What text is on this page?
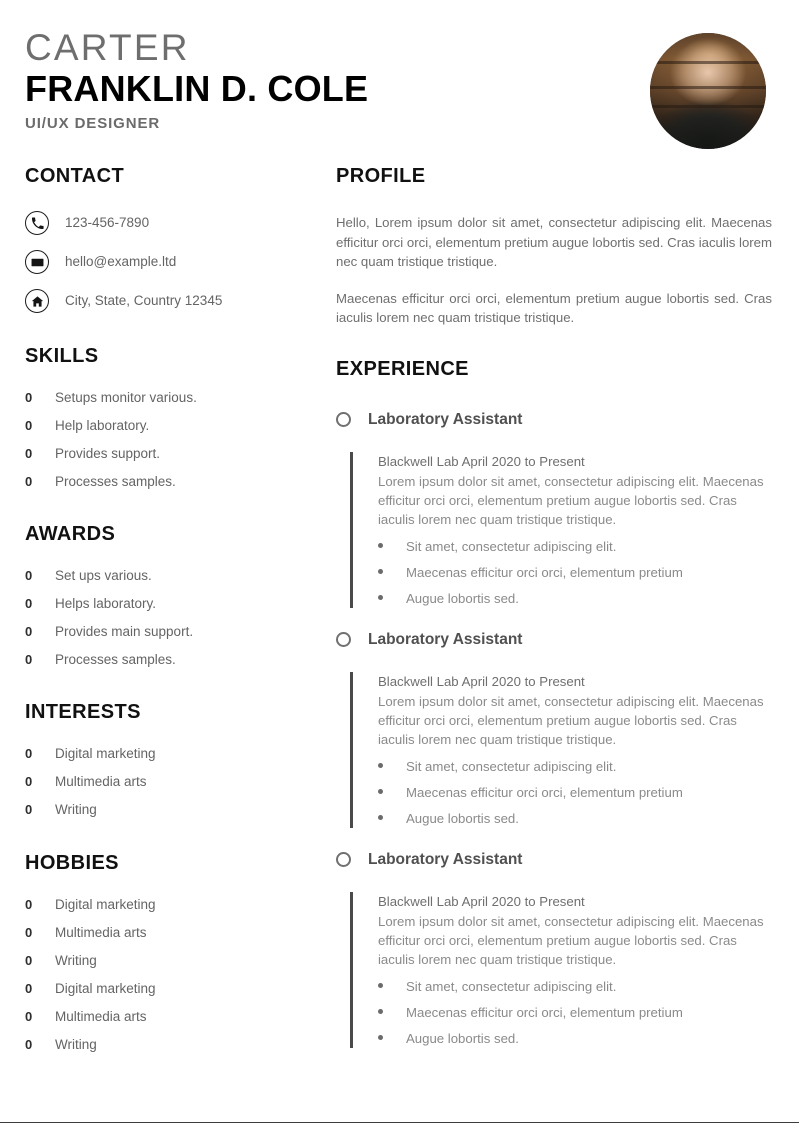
CARTER
FRANKLIN D. COLE
UI/UX DESIGNER
CONTACT
123-456-7890
hello@example.ltd
City, State, Country 12345
SKILLS
0 Setups monitor various.
0 Help laboratory.
0 Provides support.
0 Processes samples.
AWARDS
0 Set ups various.
0 Helps laboratory.
0 Provides main support.
0 Processes samples.
INTERESTS
0 Digital marketing
0 Multimedia arts
0 Writing
HOBBIES
0 Digital marketing
0 Multimedia arts
0 Writing
0 Digital marketing
0 Multimedia arts
0 Writing
PROFILE

Hello, Lorem ipsum dolor sit amet, consectetur adipiscing elit. Maecenas efficitur orci orci, elementum pretium augue lobortis sed. Cras iaculis lorem nec quam tristique tristique.

Maecenas efficitur orci orci, elementum pretium augue lobortis sed. Cras iaculis lorem nec quam tristique tristique.

EXPERIENCE
Laboratory Assistant
Blackwell Lab April 2020 to Present

Lorem ipsum dolor sit amet, consectetur adipiscing elit. Maecenas efficitur orci orci, elementum pretium augue lobortis sed. Cras iaculis lorem nec quam tristique tristique.

Sit amet, consectetur adipiscing elit.
Maecenas efficitur orci orci, elementum pretium
Augue lobortis sed.
Laboratory Assistant
Blackwell Lab April 2020 to Present

Lorem ipsum dolor sit amet, consectetur adipiscing elit. Maecenas efficitur orci orci, elementum pretium augue lobortis sed. Cras iaculis lorem nec quam tristique tristique.

Sit amet, consectetur adipiscing elit.
Maecenas efficitur orci orci, elementum pretium
Augue lobortis sed.
Laboratory Assistant
Blackwell Lab April 2020 to Present

Lorem ipsum dolor sit amet, consectetur adipiscing elit. Maecenas efficitur orci orci, elementum pretium augue lobortis sed. Cras iaculis lorem nec quam tristique tristique.

Sit amet, consectetur adipiscing elit.
Maecenas efficitur orci orci, elementum pretium
Augue lobortis sed.
